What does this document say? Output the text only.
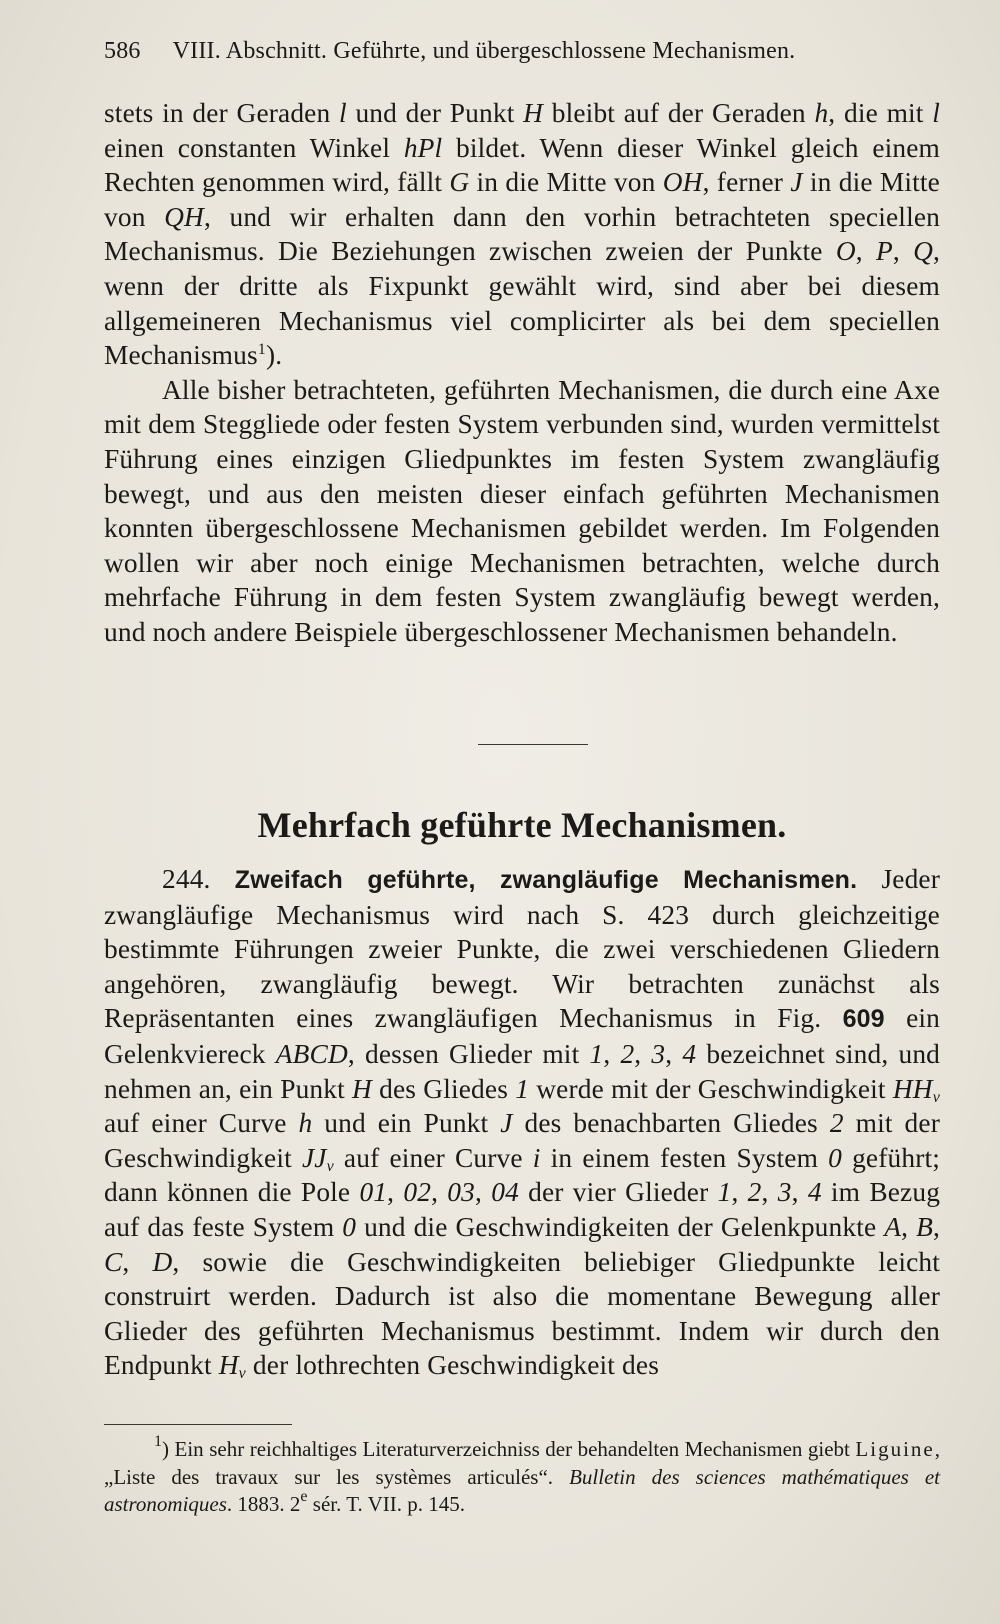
586 VIII. Abschnitt. Geführte, und übergeschlossene Mechanismen.

stets in der Geraden l und der Punkt H bleibt auf der Geraden h, die mit l einen constanten Winkel hPl bildet. Wenn dieser Winkel gleich einem Rechten genommen wird, fällt G in die Mitte von OH, ferner J in die Mitte von QH, und wir erhalten dann den vorhin betrachteten speciellen Mechanismus. Die Beziehungen zwischen zweien der Punkte O, P, Q, wenn der dritte als Fixpunkt gewählt wird, sind aber bei diesem allgemeineren Mechanismus viel complicirter als bei dem speciellen Mechanismus$^1$).

Alle bisher betrachteten, geführten Mechanismen, die durch eine Axe mit dem Steggliede oder festen System verbunden sind, wurden vermittelst Führung eines einzigen Gliedpunktes im festen System zwangläufig bewegt, und aus den meisten dieser einfach geführten Mechanismen konnten übergeschlossene Mechanismen gebildet werden. Im Folgenden wollen wir aber noch einige Mechanismen betrachten, welche durch mehrfache Führung in dem festen System zwangläufig bewegt werden, und noch andere Beispiele übergeschlossener Mechanismen behandeln.

Mehrfach geführte Mechanismen.

244. Zweifach geführte, zwangläufige Mechanismen. Jeder zwangläufige Mechanismus wird nach S. 423 durch gleichzeitige bestimmte Führungen zweier Punkte, die zwei verschiedenen Gliedern angehören, zwangläufig bewegt. Wir betrachten zunächst als Repräsentanten eines zwangläufigen Mechanismus in Fig. 609 ein Gelenkviereck ABCD, dessen Glieder mit 1, 2, 3, 4 bezeichnet sind, und nehmen an, ein Punkt H des Gliedes 1 werde mit der Geschwindigkeit $HH_v$ auf einer Curve h und ein Punkt J des benachbarten Gliedes 2 mit der Geschwindigkeit $JJ_v$ auf einer Curve i in einem festen System 0 geführt; dann können die Pole 01, 02, 03, 04 der vier Glieder 1, 2, 3, 4 im Bezug auf das feste System 0 und die Geschwindigkeiten der Gelenkpunkte A, B, C, D, sowie die Geschwindigkeiten beliebiger Gliedpunkte leicht construirt werden. Dadurch ist also die momentane Bewegung aller Glieder des geführten Mechanismus bestimmt. Indem wir durch den Endpunkt $H_v$ der lothrechten Geschwindigkeit des

$^1$) Ein sehr reichhaltiges Literaturverzeichniss der behandelten Mechanismen giebt Liguine, „Liste des travaux sur les systèmes articulés“. Bulletin des sciences mathématiques et astronomiques. 1883. 2e sér. T. VII. p. 145.
